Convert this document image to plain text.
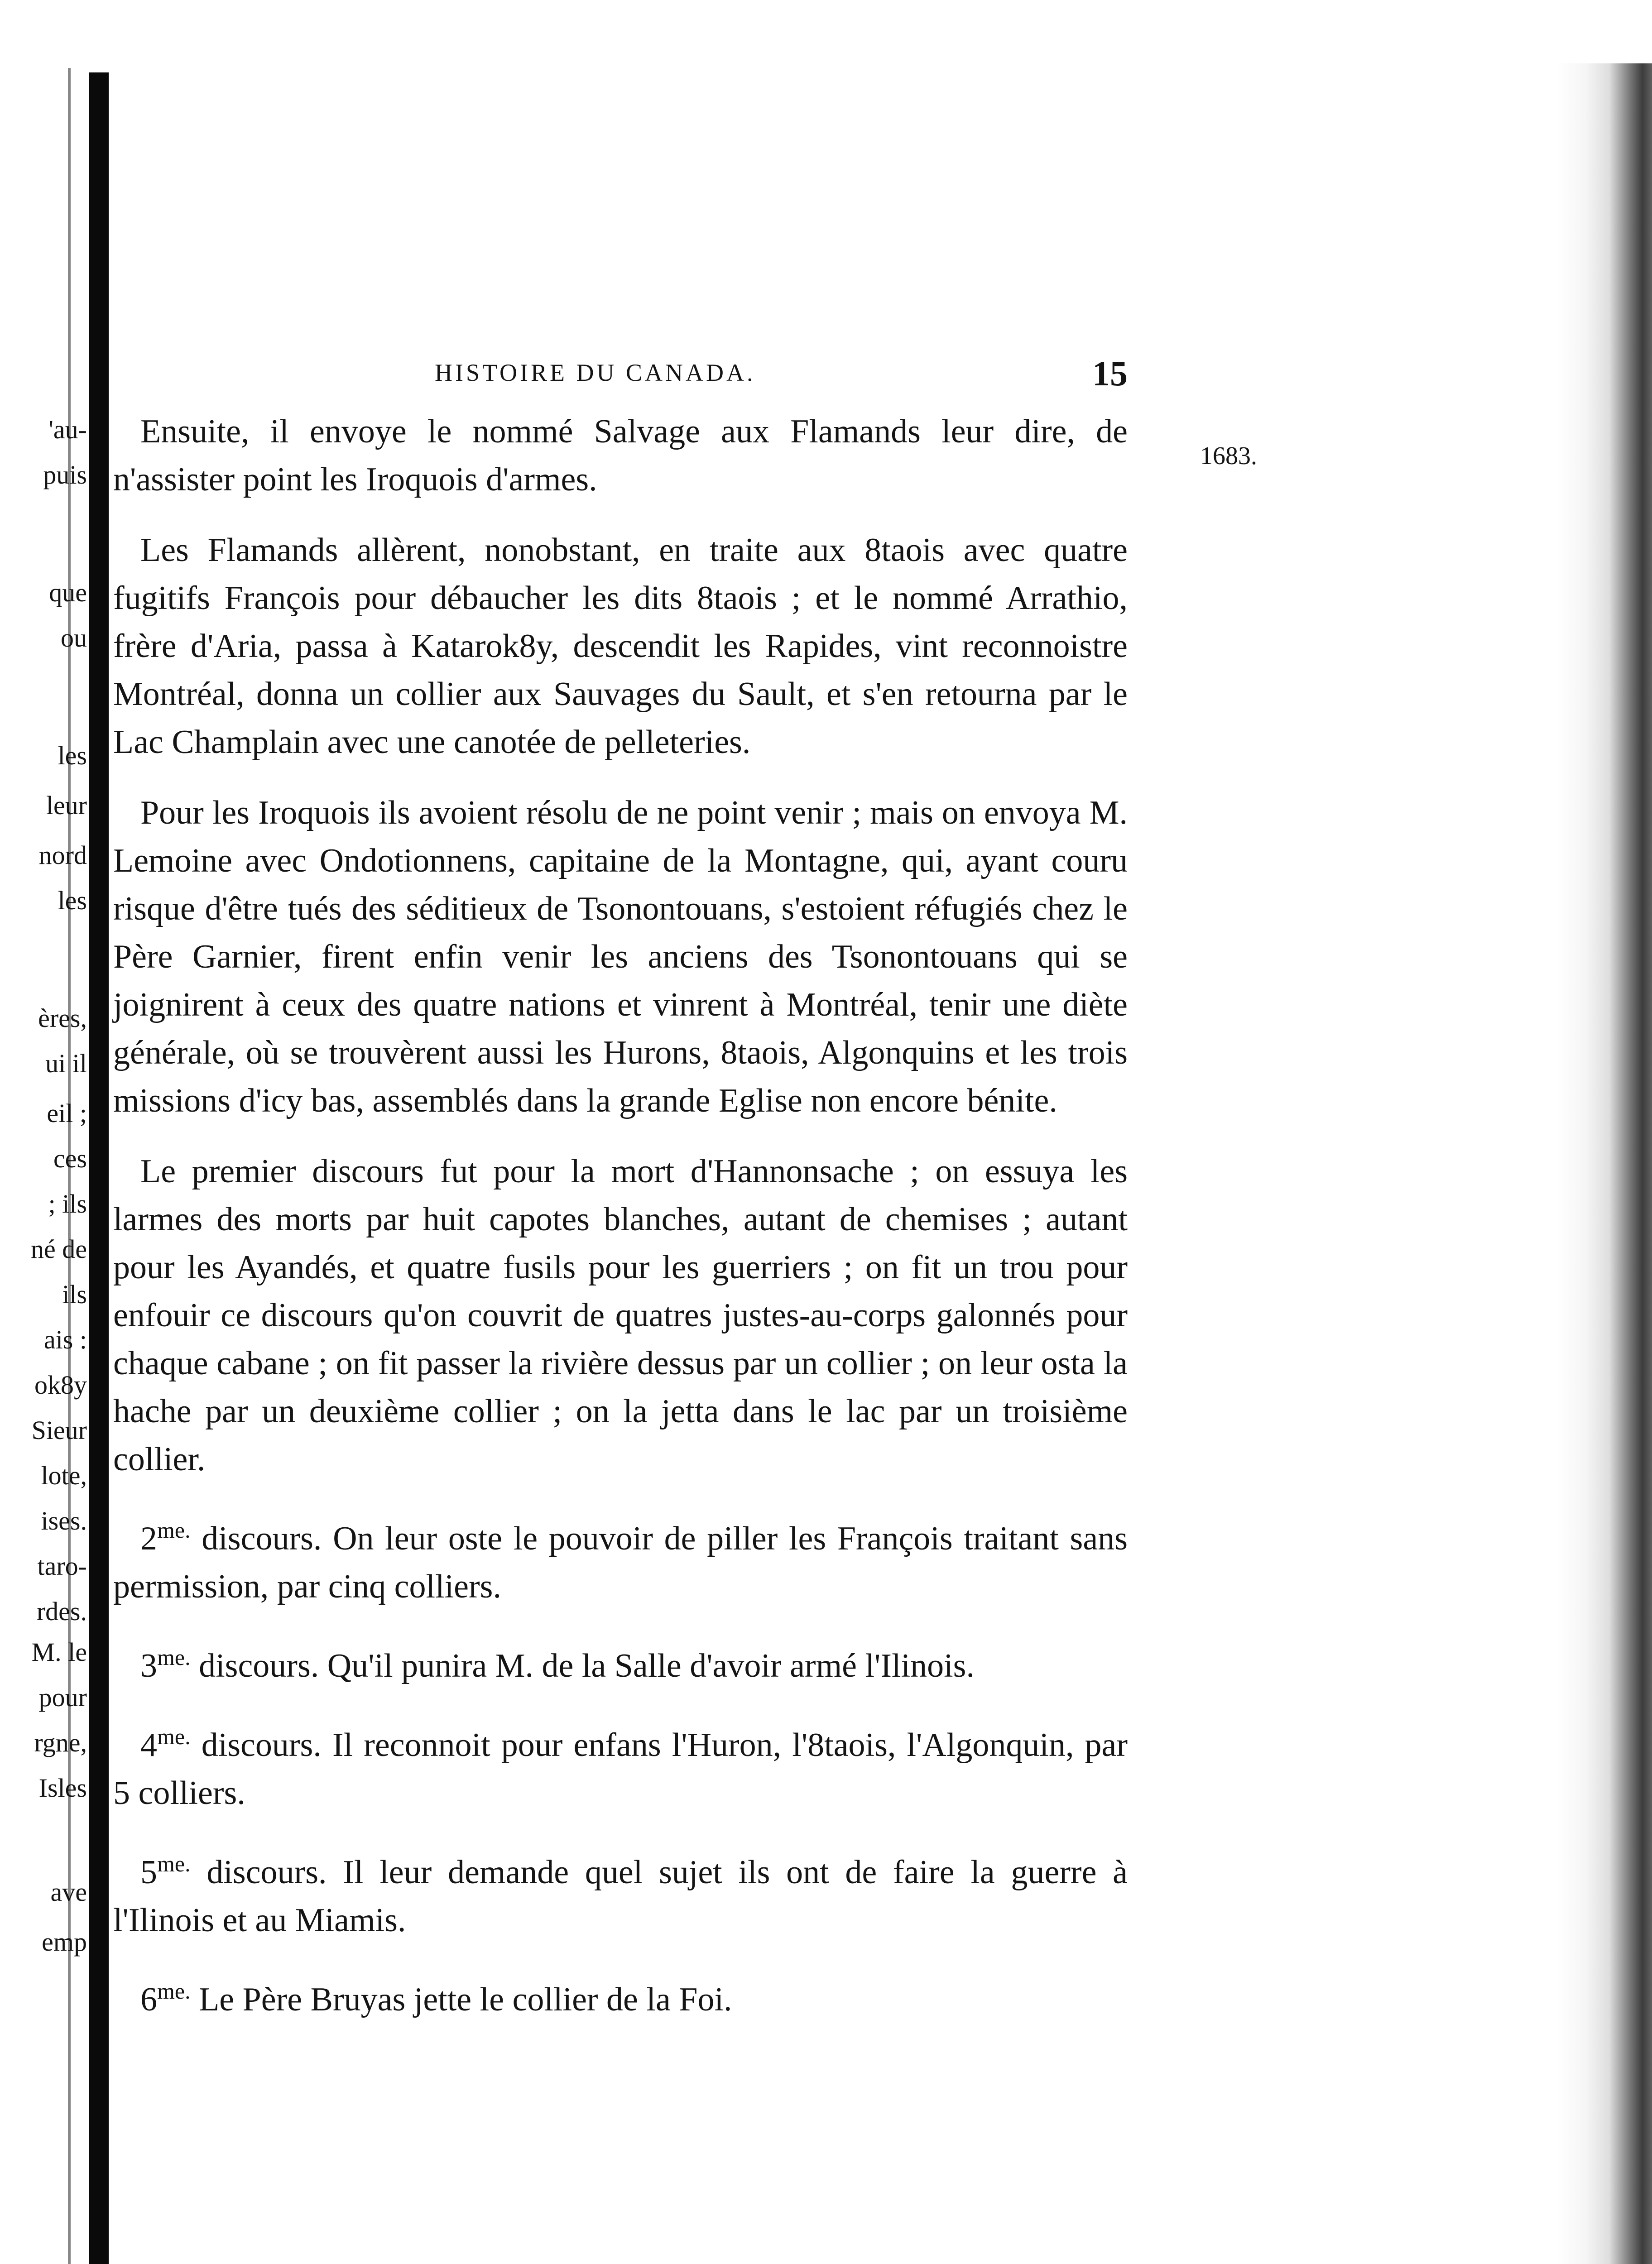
'au-
puis
que
ou
les
leur
nord
les
ères,
ui il
eil ;
ces
; ils
né de
ils
ais :
ok8y
Sieur
lote,
ises.
taro-
rdes.
M. le
pour
rgne,
Isles
ave
emp
HISTOIRE DU CANADA.	15
1683.

Ensuite, il envoye le nommé Salvage aux Flamands leur dire, de n'assister point les Iroquois d'armes.

Les Flamands allèrent, nonobstant, en traite aux 8taois avec quatre fugitifs François pour débaucher les dits 8taois ; et le nommé Arrathio, frère d'Aria, passa à Katarok8y, descendit les Rapides, vint reconnoistre Montréal, donna un collier aux Sauvages du Sault, et s'en retourna par le Lac Champlain avec une canotée de pelleteries.

Pour les Iroquois ils avoient résolu de ne point venir ; mais on envoya M. Lemoine avec Ondotionnens, capitaine de la Montagne, qui, ayant couru risque d'être tués des séditieux de Tsonontouans, s'estoient réfugiés chez le Père Garnier, firent enfin venir les anciens des Tsonontouans qui se joignirent à ceux des quatre nations et vinrent à Montréal, tenir une diète générale, où se trouvèrent aussi les Hurons, 8taois, Algonquins et les trois missions d'icy bas, assemblés dans la grande Eglise non encore bénite.

Le premier discours fut pour la mort d'Hannonsache ; on essuya les larmes des morts par huit capotes blanches, autant de chemises ; autant pour les Ayandés, et quatre fusils pour les guerriers ; on fit un trou pour enfouir ce discours qu'on couvrit de quatres justes-au-corps galonnés pour chaque cabane ; on fit passer la rivière dessus par un collier ; on leur osta la hache par un deuxième collier ; on la jetta dans le lac par un troisième collier.

$2^{me.}$ discours. On leur oste le pouvoir de piller les François traitant sans permission, par cinq colliers.

$3^{me.}$ discours. Qu'il punira M. de la Salle d'avoir armé l'Ilinois.

$4^{me.}$ discours. Il reconnoit pour enfans l'Huron, l'8taois, l'Algonquin, par 5 colliers.

$5^{me.}$ discours. Il leur demande quel sujet ils ont de faire la guerre à l'Ilinois et au Miamis.

$6^{me.}$ Le Père Bruyas jette le collier de la Foi.
